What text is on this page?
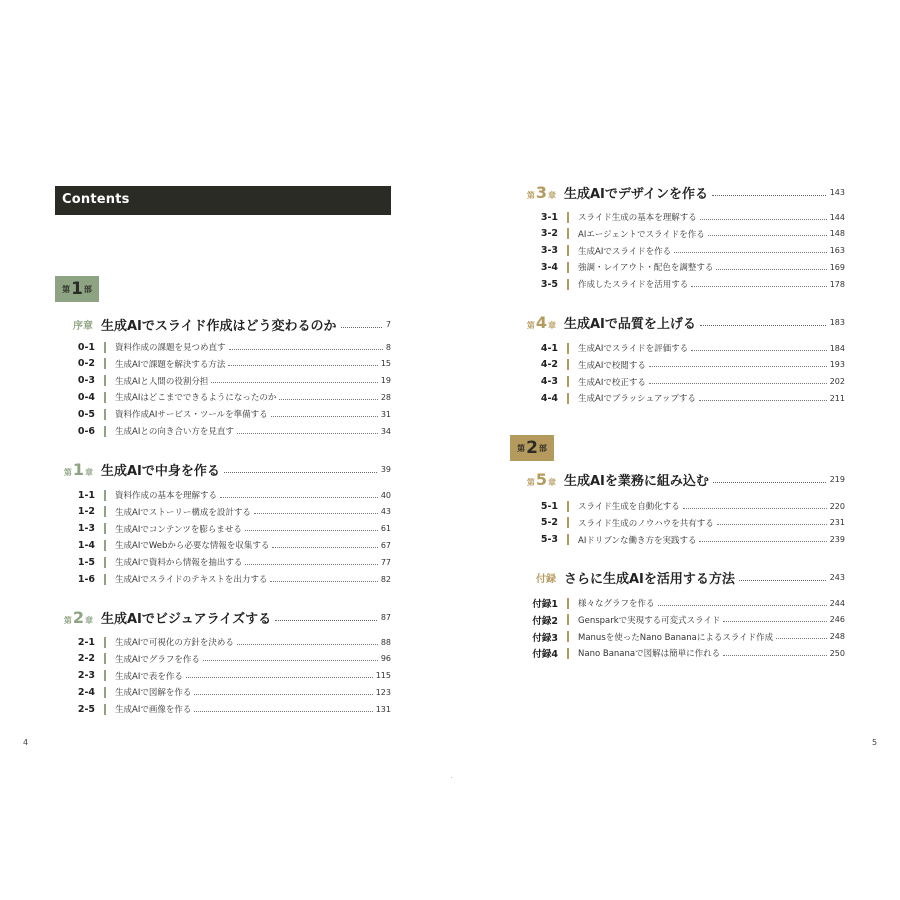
Contents
第 1 部
序章 生成AIでスライド作成はどう変わるのか	7
第 1 章 生成AIで中身を作る	39
第 2 章 生成AIでビジュアライズする	87
4
0-1 資料作成の課題を見つめ直す	8
0-2 生成AIで課題を解決する方法	15
0-3 生成AIと人間の役割分担	19
0-4 生成AIはどこまでできるようになったのか	28
0-5 資料作成AIサービス・ツールを準備する	31
0-6 生成AIとの向き合い方を見直す	34
1-1 資料作成の基本を理解する	40
1-2 生成AIでストーリー構成を設計する	43
1-3 生成AIでコンテンツを膨らませる	61
1-4 生成AIでWebから必要な情報を収集する	67
1-5 生成AIで資料から情報を抽出する	77
1-6 生成AIでスライドのテキストを出力する	82
2-1 生成AIで可視化の方針を決める	88
2-2 生成AIでグラフを作る	96
2-3 生成AIで表を作る	115
2-4 生成AIで図解を作る	123
2-5 生成AIで画像を作る	131
第 3 章 生成AIでデザインを作る	143
第 4 章 生成AIで品質を上げる	183
第 2 部
第 5 章 生成AIを業務に組み込む	219
付録 さらに生成AIを活用する方法	243
5
3-1 スライド生成の基本を理解する	144
3-2 AIエージェントでスライドを作る	148
3-3 生成AIでスライドを作る	163
3-4 強調・レイアウト・配色を調整する	169
3-5 作成したスライドを活用する	178
4-1 生成AIでスライドを評価する	184
4-2 生成AIで校閲する	193
4-3 生成AIで校正する	202
4-4 生成AIでブラッシュアップする	211
5-1 スライド生成を自動化する	220
5-2 スライド生成のノウハウを共有する	231
5-3 AIドリブンな働き方を実践する	239
付録1 様々なグラフを作る	244
付録2 Gensparkで実現する可変式スライド	246
付録3 Manusを使ったNano Bananaによるスライド作成	248
付録4 Nano Bananaで図解は簡単に作れる	250
